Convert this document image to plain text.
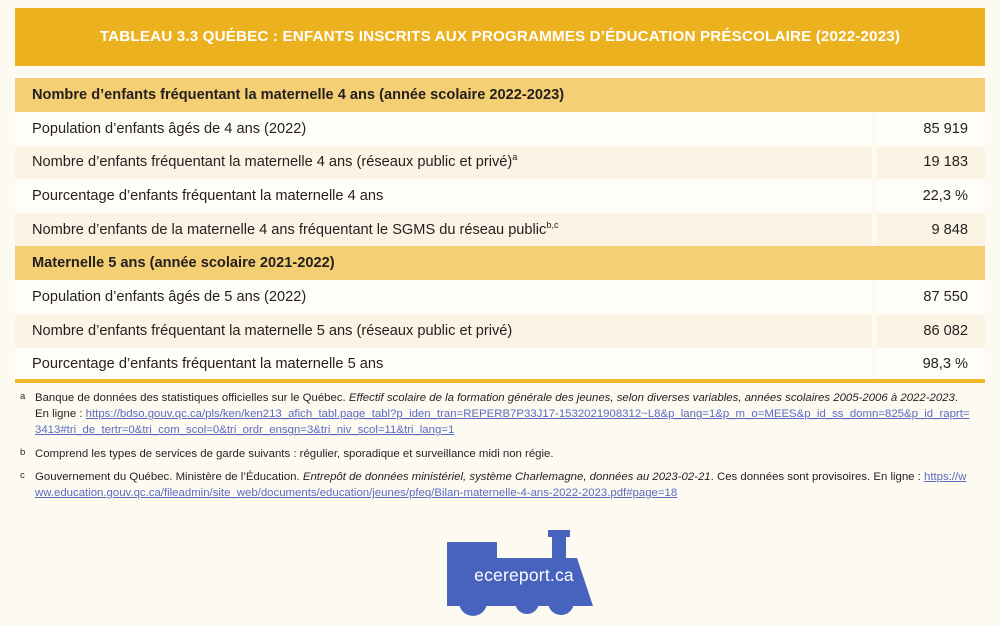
TABLEAU 3.3 QUÉBEC : ENFANTS INSCRITS AUX PROGRAMMES D’ÉDUCATION PRÉSCOLAIRE (2022-2023)
Nombre d’enfants fréquentant la maternelle 4 ans (année scolaire 2022-2023)
Population d’enfants âgés de 4 ans (2022)	85 919
Nombre d’enfants fréquentant la maternelle 4 ans (réseaux public et privé)$^a$	19 183
Pourcentage d’enfants fréquentant la maternelle 4 ans	22,3 %
Nombre d’enfants de la maternelle 4 ans fréquentant le SGMS du réseau public$^{b,c}$	9 848
Maternelle 5 ans (année scolaire 2021-2022)
Population d’enfants âgés de 5 ans (2022)	87 550
Nombre d’enfants fréquentant la maternelle 5 ans (réseaux public et privé)	86 082
Pourcentage d’enfants fréquentant la maternelle 5 ans	98,3 %
a Banque de données des statistiques officielles sur le Québec. Effectif scolaire de la formation générale des jeunes, selon diverses variables, années scolaires 2005-2006 à 2022-2023. En ligne : https://bdso.gouv.qc.ca/pls/ken/ken213_afich_tabl.page_tabl?p_iden_tran=REPERB7P33J17-1532021908312~L8&p_lang=1&p_m_o=MEES&p_id_ss_domn=825&p_id_raprt=3413#tri_de_tertr=0&tri_com_scol=0&tri_ordr_ensgn=3&tri_niv_scol=11&tri_lang=1
b Comprend les types de services de garde suivants : régulier, sporadique et surveillance midi non régie.
c Gouvernement du Québec. Ministère de l’Éducation. Entrepôt de données ministériel, système Charlemagne, données au 2023-02-21. Ces données sont provisoires. En ligne : https://www.education.gouv.qc.ca/fileadmin/site_web/documents/education/jeunes/pfeq/Bilan-maternelle-4-ans-2022-2023.pdf#page=18
ecereport.ca
